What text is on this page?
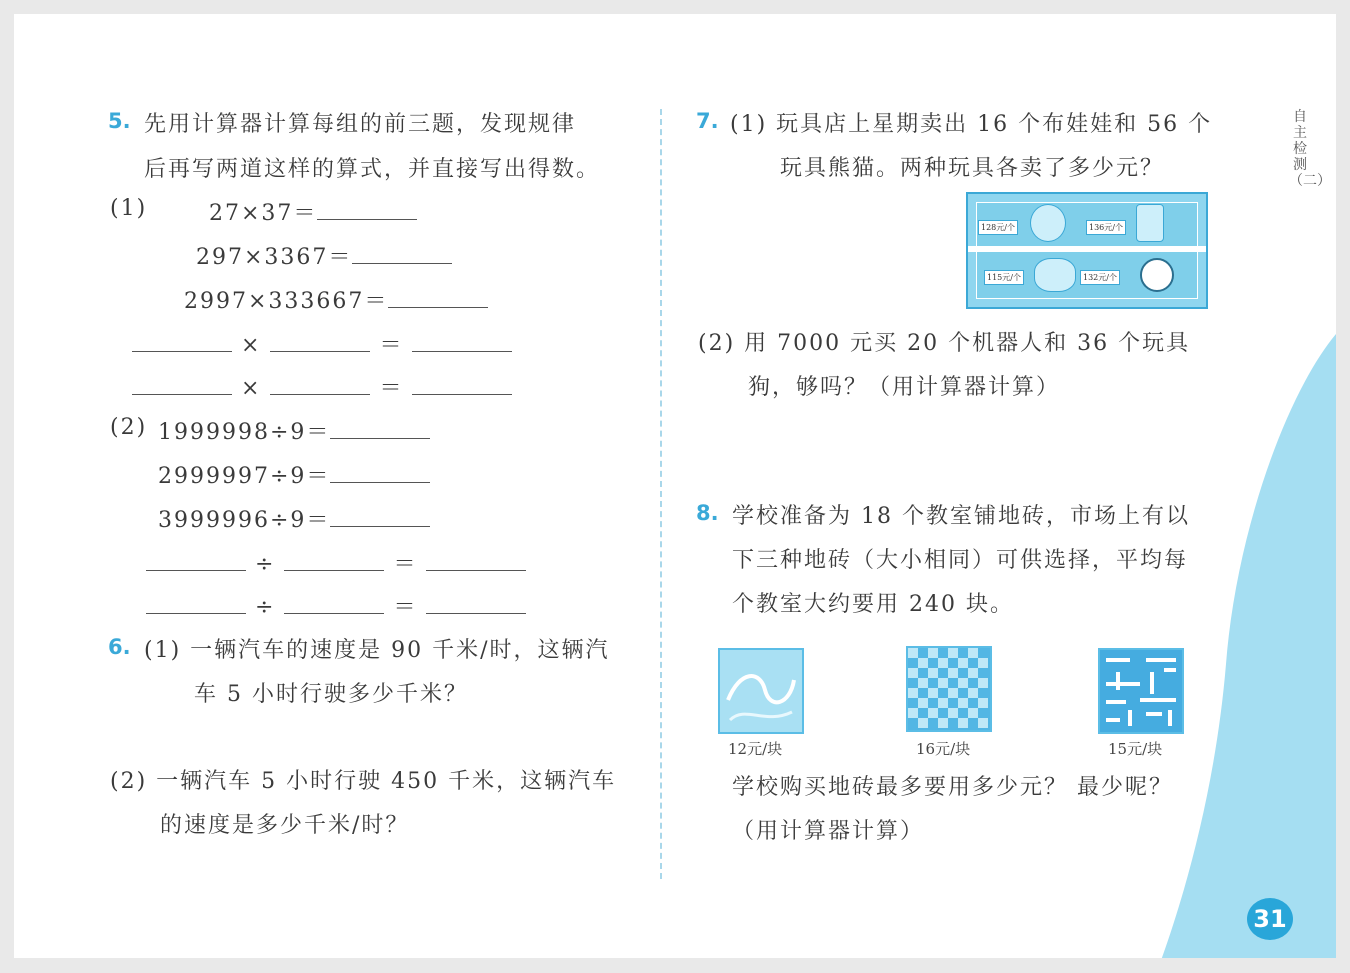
自主检测（二）
5. 先用计算器计算每组的前三题，发现规律
后再写两道这样的算式，并直接写出得数。
(1)	27×37＝
297×3367＝
2997×333667＝
×	＝
×	＝
(2) 1999998÷9＝
2999997÷9＝
3999996÷9＝
÷	＝
÷	＝
6. (1) 一辆汽车的速度是 90 千米/时，这辆汽
车 5 小时行驶多少千米？
(2) 一辆汽车 5 小时行驶 450 千米，这辆汽车
的速度是多少千米/时？
7. (1) 玩具店上星期卖出 16 个布娃娃和 56 个
玩具熊猫。两种玩具各卖了多少元？
128元/个	136元/个
115元/个	132元/个
(2) 用 7000 元买 20 个机器人和 36 个玩具
狗，够吗？（用计算器计算）
8. 学校准备为 18 个教室铺地砖，市场上有以
下三种地砖（大小相同）可供选择，平均每
个教室大约要用 240 块。
12元/块	16元/块	15元/块
学校购买地砖最多要用多少元？ 最少呢？
（用计算器计算）
31
